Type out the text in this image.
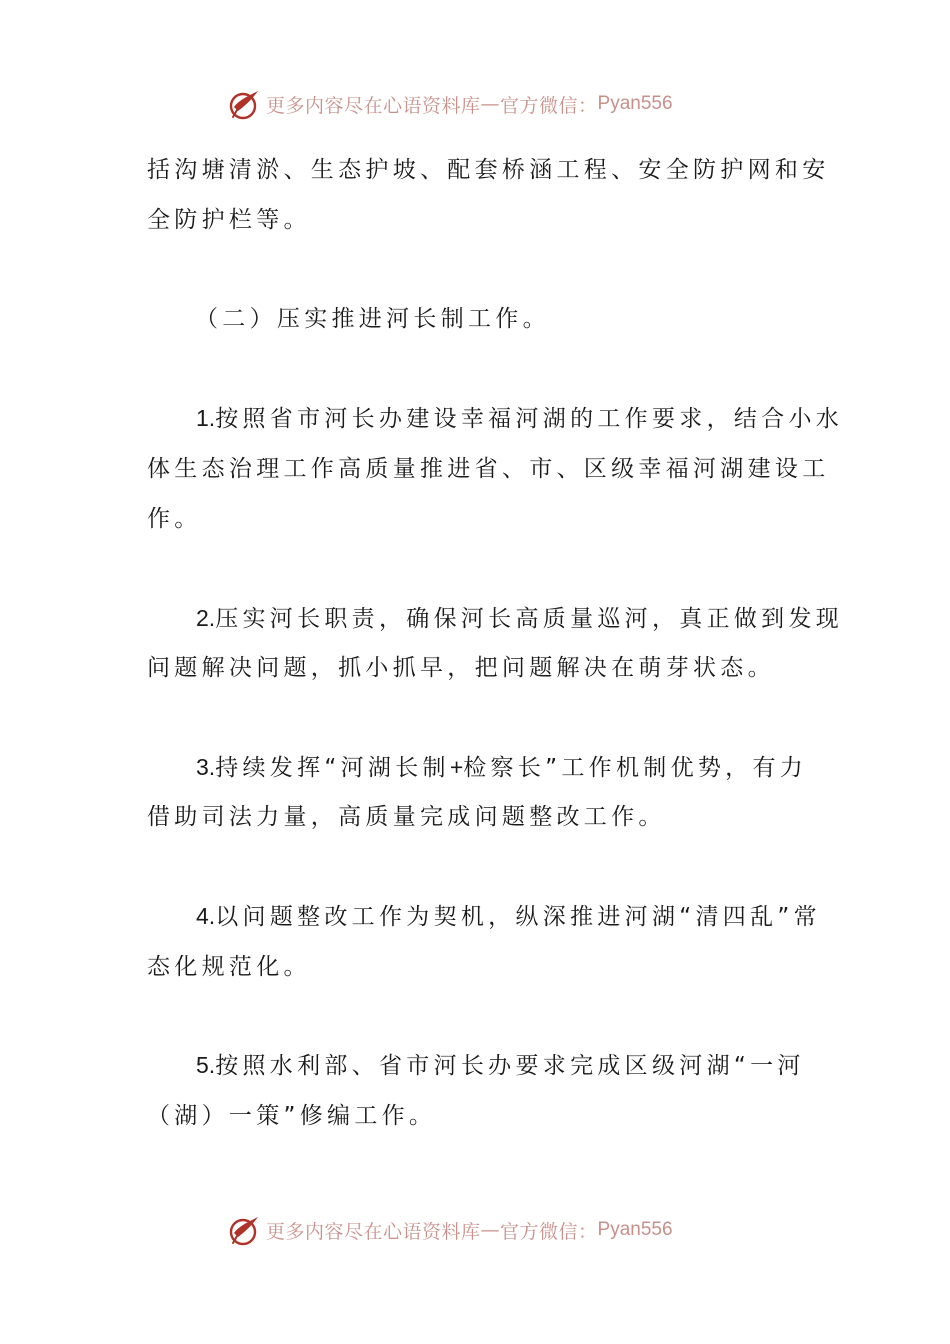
更多内容尽在心语资料库 — 官方微信： Pyan556
括沟塘清淤、生态护坡、配套桥涵工程、安全防护网和安
全防护栏等。
（二）压实推进河长制工作。
1.按照省市河长办建设幸福河湖的工作要求，结合小水
体生态治理工作高质量推进省、市、区级幸福河湖建设工
作。
2.压实河长职责，确保河长高质量巡河，真正做到发现
问题解决问题，抓小抓早，把问题解决在萌芽状态。
3.持续发挥“河湖长制+检察长”工作机制优势，有力
借助司法力量，高质量完成问题整改工作。
4.以问题整改工作为契机，纵深推进河湖“清四乱”常
态化规范化。
5.按照水利部、省市河长办要求完成区级河湖“一河
（湖）一策”修编工作。
更多内容尽在心语资料库 — 官方微信： Pyan556
